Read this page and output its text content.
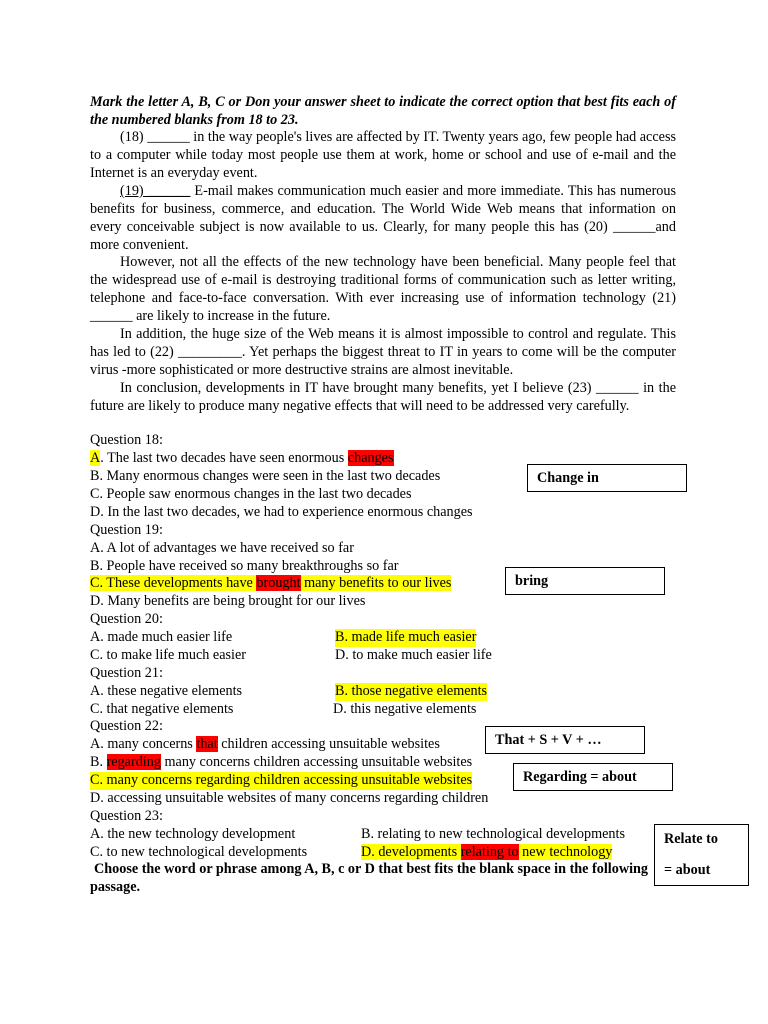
Mark the letter A, B, C or Don your answer sheet to indicate the correct option that best fits each of the numbered blanks from 18 to 23.
(18) ______ in the way people's lives are affected by IT. Twenty years ago, few people had access to a computer while today most people use them at work, home or school and use of e-mail and the Internet is an everyday event.
(19) ______ E-mail makes communication much easier and more immediate. This has numerous benefits for business, commerce, and education. The World Wide Web means that information on every conceivable subject is now available to us. Clearly, for many people this has (20) ______and more convenient.
However, not all the effects of the new technology have been beneficial. Many people feel that the widespread use of e-mail is destroying traditional forms of communication such as letter writing, telephone and face-to-face conversation. With ever increasing use of information technology (21) ______ are likely to increase in the future.
In addition, the huge size of the Web means it is almost impossible to control and regulate. This has led to (22) _________. Yet perhaps the biggest threat to IT in years to come will be the computer virus -more sophisticated or more destructive strains are almost inevitable.
In conclusion, developments in IT have brought many benefits, yet I believe (23) ______ in the future are likely to produce many negative effects that will need to be addressed very carefully.
Question 18:
A. The last two decades have seen enormous changes
B. Many enormous changes were seen in the last two decades
C. People saw enormous changes in the last two decades
D. In the last two decades, we had to experience enormous changes
Question 19:
A. A lot of advantages we have received so far
B. People have received so many breakthroughs so far
C. These developments have brought many benefits to our lives
D. Many benefits are being brought for our lives
Question 20:
A. made much easier life	B. made life much easier
C. to make life much easier	D. to make much easier life
Question 21:
A. these negative elements	B. those negative elements
C. that negative elements	D. this negative elements
Question 22:
A. many concerns that children accessing unsuitable websites
B. regarding many concerns children accessing unsuitable websites
C. many concerns regarding children accessing unsuitable websites
D. accessing unsuitable websites of many concerns regarding children
Question 23:
A. the new technology development	B. relating to new technological developments
C. to new technological developments	D. developments relating to new technology
Choose the word or phrase among A, B, c or D that best fits the blank space in the following passage.
Change in
bring
That + S + V + …
Regarding = about
Relate to
= about
